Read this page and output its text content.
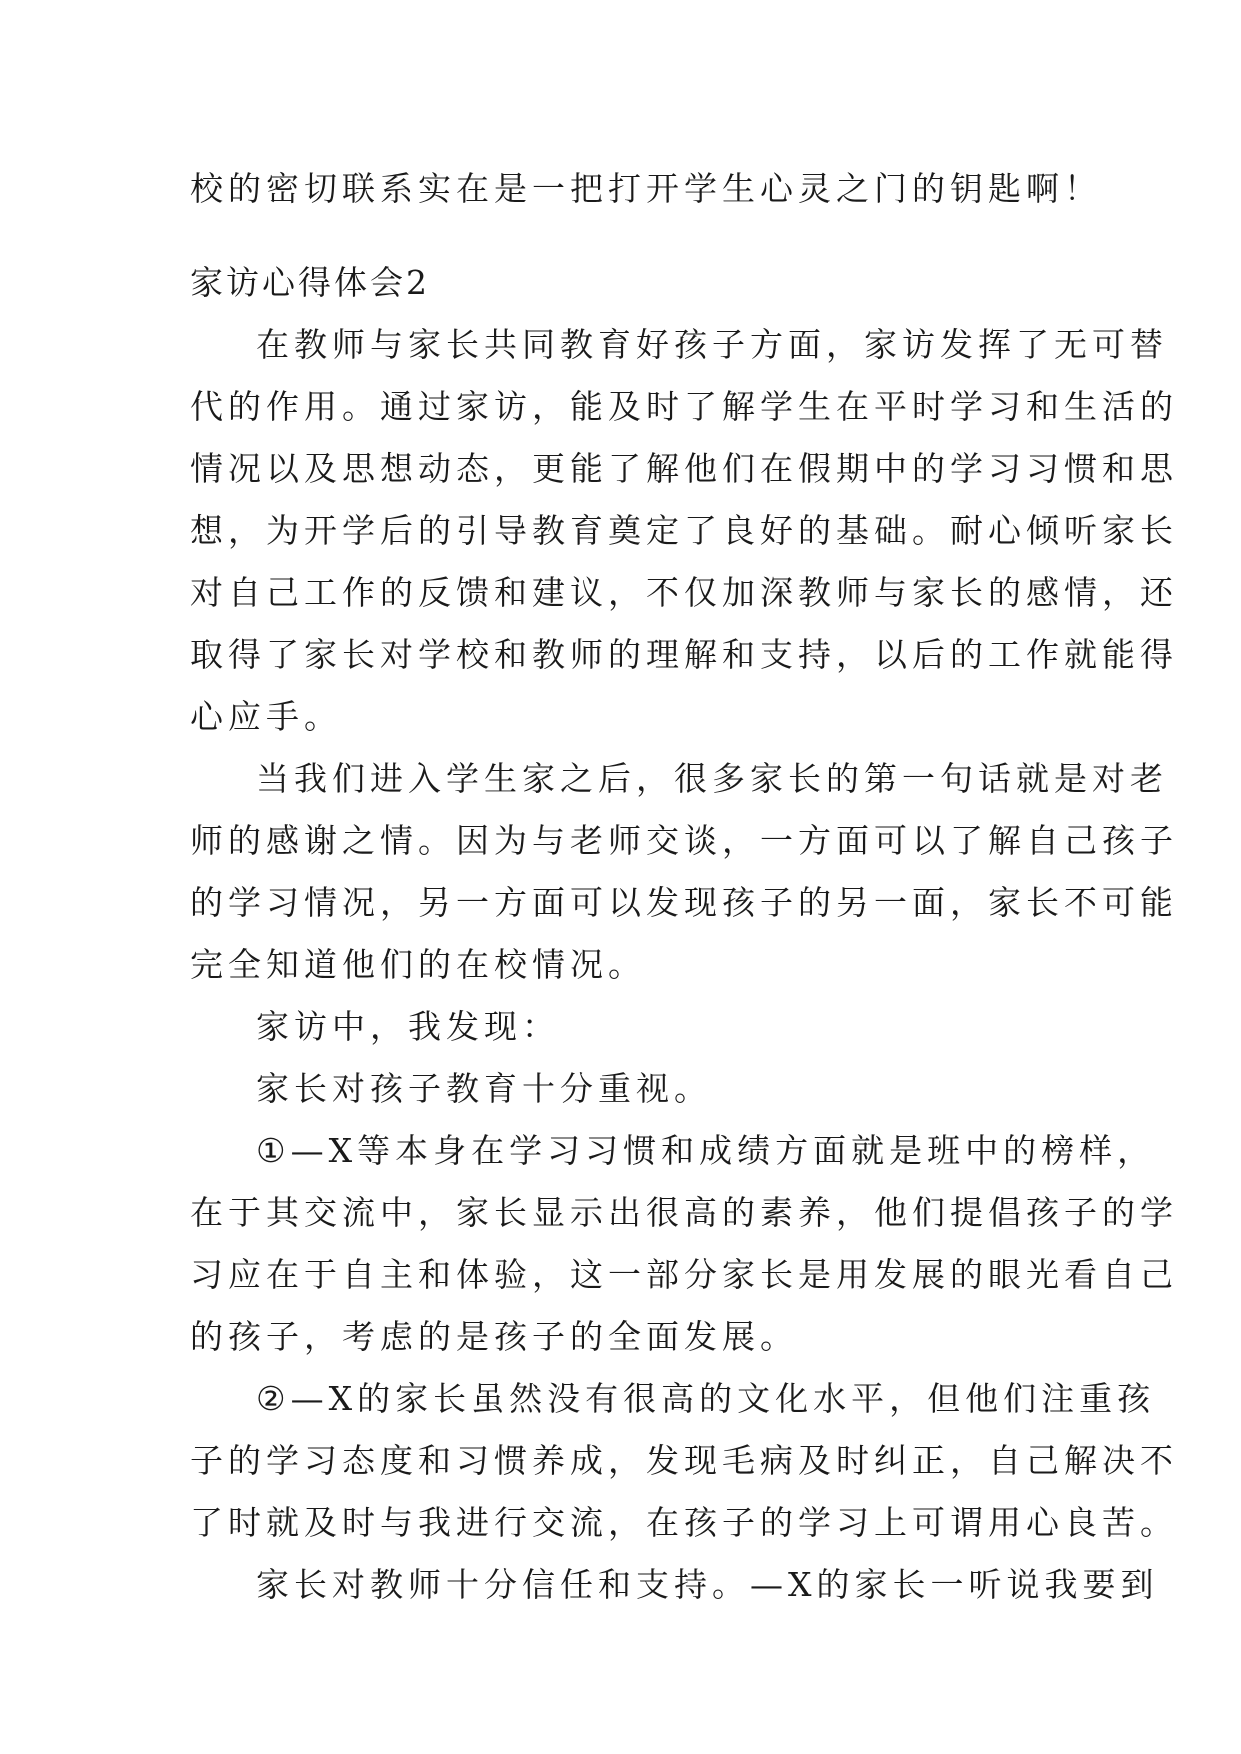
校的密切联系实在是一把打开学生心灵之门的钥匙啊！

家访心得体会2

在教师与家长共同教育好孩子方面，家访发挥了无可替

代的作用。通过家访，能及时了解学生在平时学习和生活的

情况以及思想动态，更能了解他们在假期中的学习习惯和思

想，为开学后的引导教育奠定了良好的基础。耐心倾听家长

对自己工作的反馈和建议，不仅加深教师与家长的感情，还

取得了家长对学校和教师的理解和支持，以后的工作就能得

心应手。

当我们进入学生家之后，很多家长的第一句话就是对老

师的感谢之情。因为与老师交谈，一方面可以了解自己孩子

的学习情况，另一方面可以发现孩子的另一面，家长不可能

完全知道他们的在校情况。

家访中，我发现：

家长对孩子教育十分重视。

①—X等本身在学习习惯和成绩方面就是班中的榜样，

在于其交流中，家长显示出很高的素养，他们提倡孩子的学

习应在于自主和体验，这一部分家长是用发展的眼光看自己

的孩子，考虑的是孩子的全面发展。

②—X的家长虽然没有很高的文化水平，但他们注重孩

子的学习态度和习惯养成，发现毛病及时纠正，自己解决不

了时就及时与我进行交流，在孩子的学习上可谓用心良苦。

家长对教师十分信任和支持。—X的家长一听说我要到
